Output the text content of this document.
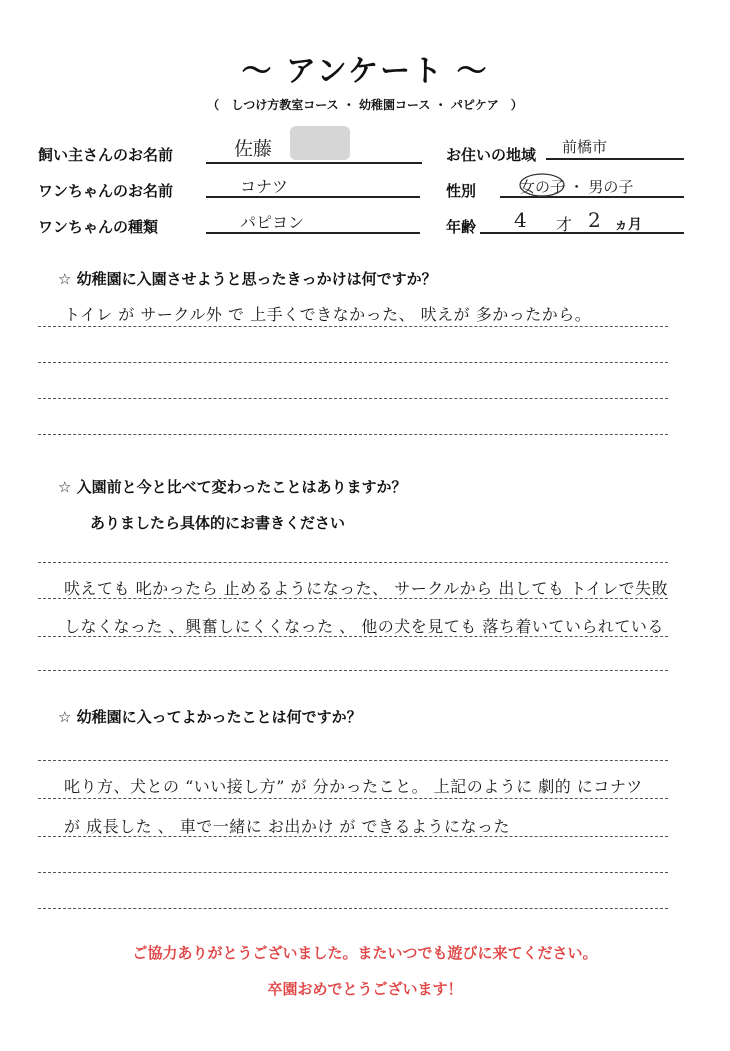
〜 アンケート 〜
（　しつけ方教室コース ・ 幼稚園コース ・ パピケア　）
飼い主さんのお名前	佐藤	お住いの地域 前橋市
ワンちゃんのお名前	コナツ	性別	女の子 ・ 男の子
ワンちゃんの種類	パピヨン	年齢 4 才 2 ヵ月
☆ 幼稚園に入園させようと思ったきっかけは何ですか？
トイレ が サークル外 で 上手くできなかった、 吠えが 多かったから。
☆ 入園前と今と比べて変わったことはありますか？
ありましたら具体的にお書きください
吠えても 叱かったら 止めるようになった、 サークルから 出しても トイレで失敗
しなくなった 、興奮しにくくなった 、 他の犬を見ても 落ち着いていられている
☆ 幼稚園に入ってよかったことは何ですか？
叱り方、犬との “いい接し方” が 分かったこと。 上記のように 劇的 にコナツ
が 成長した 、 車で一緒に お出かけ が できるようになった
ご協力ありがとうございました。またいつでも遊びに来てください。
卒園おめでとうございます！
